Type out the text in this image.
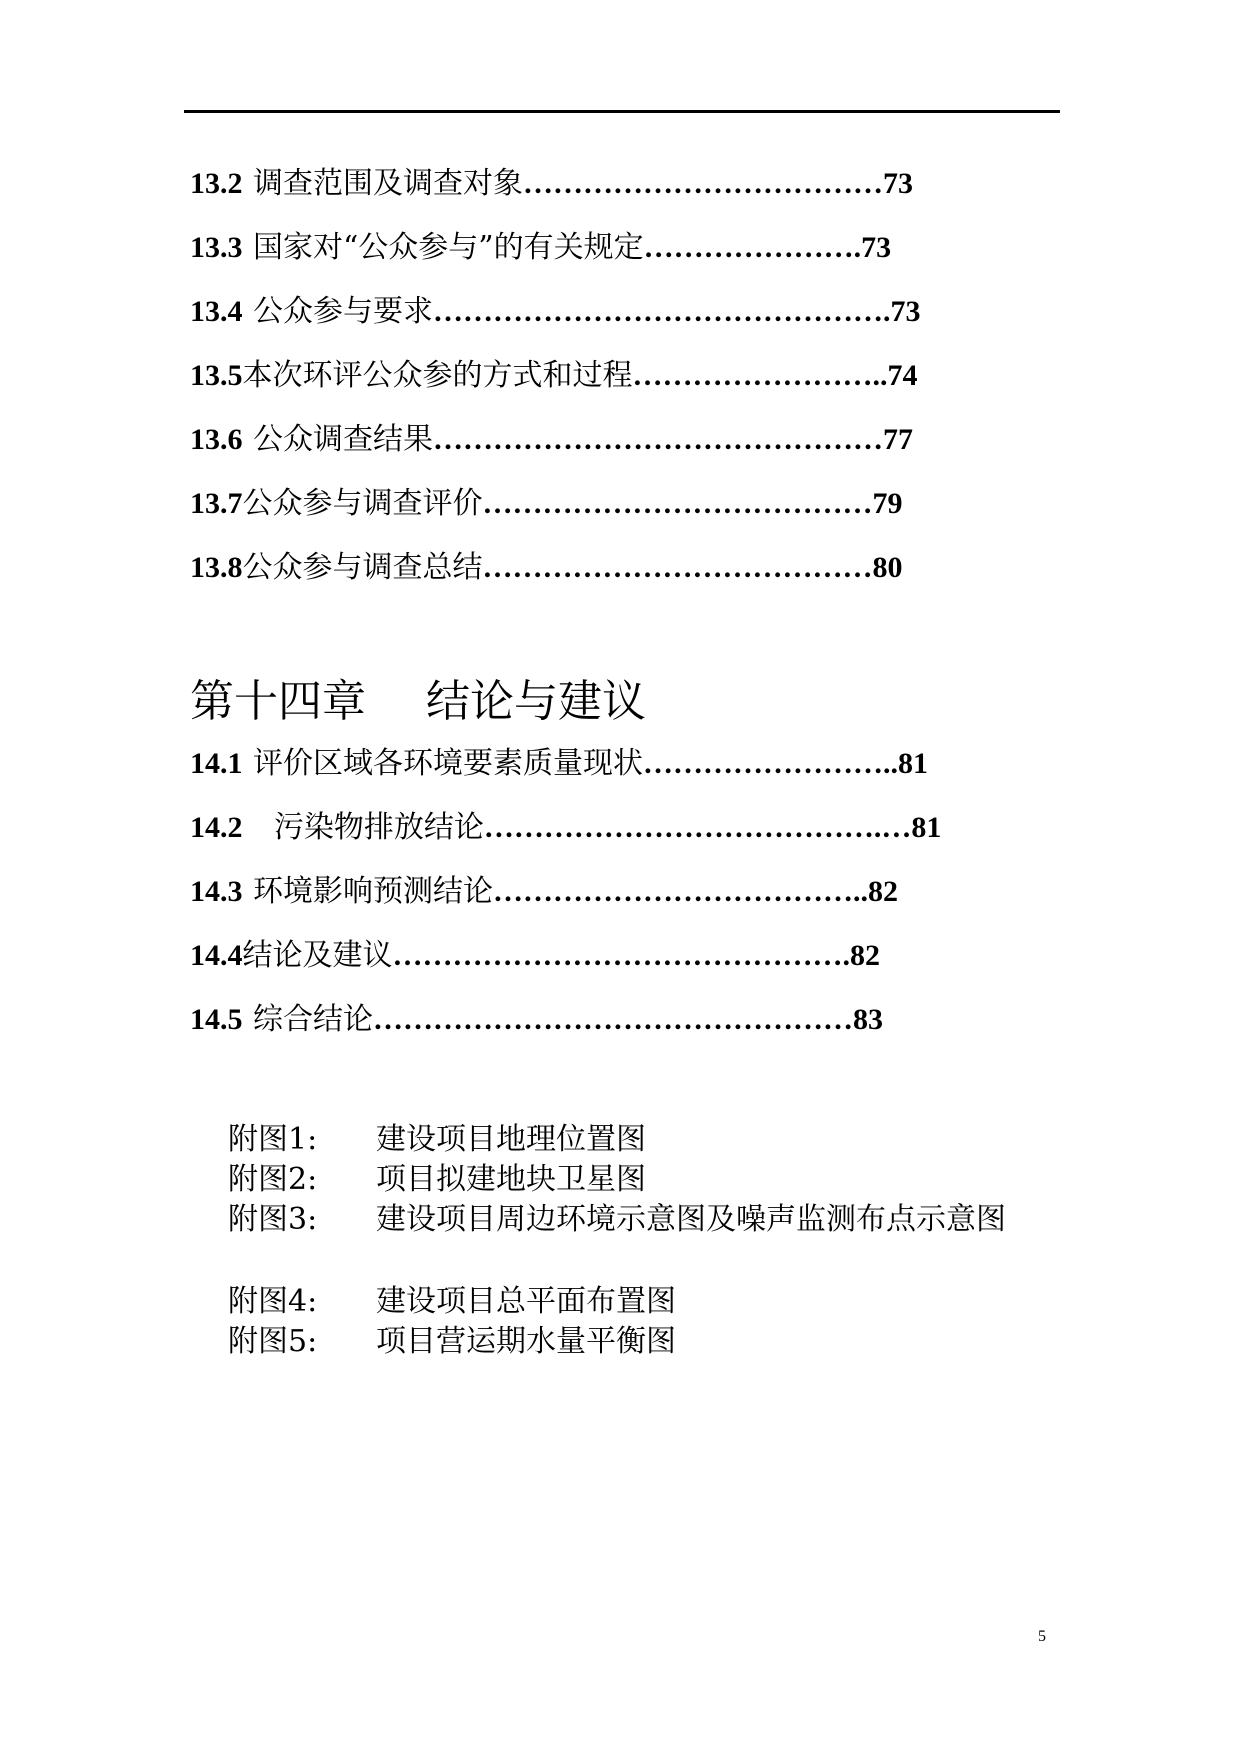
13.2 调查范围及调查对象………………………………73
13.3 国家对“公众参与”的有关规定………………….73
13.4 公众参与要求……………………………………….73
13.5本次环评公众参的方式和过程……………………..74
13.6 公众调查结果………………………………………77
13.7公众参与调查评价…………………………………79
13.8公众参与调查总结…………………………………80
第十四章 结论与建议
14.1 评价区域各环境要素质量现状……………………..81
14.2 污染物排放结论………………………………….…81
14.3 环境影响预测结论………………………………..82
14.4结论及建议……………………………………….82
14.5 综合结论…………………………………………83
附图1: 建设项目地理位置图
附图2: 项目拟建地块卫星图
附图3: 建设项目周边环境示意图及噪声监测布点示意图
附图4: 建设项目总平面布置图
附图5: 项目营运期水量平衡图
5
